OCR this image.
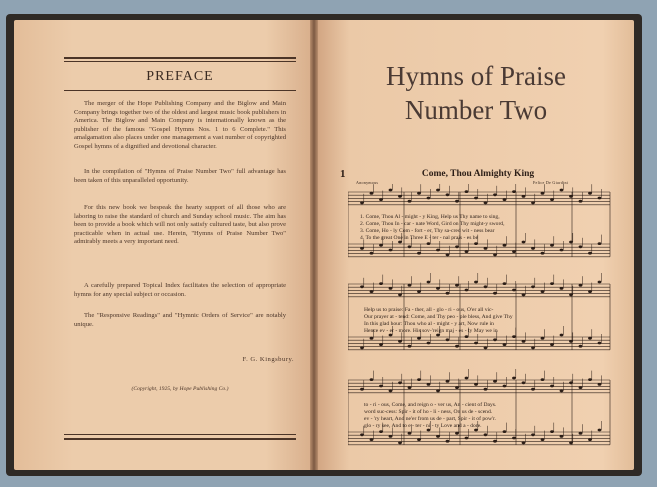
PREFACE

The merger of the Hope Publishing Company and the Biglow and Main Company brings together two of the oldest and largest music book publishers in America. The Biglow and Main Company is internationally known as the publisher of the famous "Gospel Hymns Nos. 1 to 6 Complete." This amalgamation also places under one management a vast number of copyrighted Gospel hymns of a dignified and devotional character.

In the compilation of "Hymns of Praise Number Two" full advantage has been taken of this unparalleled opportunity.

For this new book we bespeak the hearty support of all those who are laboring to raise the standard of church and Sunday school music. The aim has been to provide a book which will not only satisfy cultured taste, but also prove practicable when in actual use. Herein, "Hymns of Praise Number Two" admirably meets a very important need.

A carefully prepared Topical Index facilitates the selection of appropriate hymns for any special subject or occasion.

The "Responsive Readings" and "Hymnic Orders of Service" are notably unique.

F. G. Kingsbury.
(Copyright, 1925, by Hope Publishing Co.)
Hymns of Praise
Number Two
1	Come, Thou Almighty King
Anonymous	Felice De Giardini
1. Come, Thou Al - might - y King, Help us Thy name to sing,
2. Come, Thou In - car - nate Word, Gird on Thy might-y sword,
3. Come, Ho - ly Com - fort - er, Thy sa-cred wit - ness bear
4. To the great One in Three E - ter - nal prais - es be
Help us to praise: Fa - ther, all - glo - ri - ous, O'er all vic-
Our prayer at - tend: Come, and Thy peo - ple bless, And give Thy
In this glad hour: Thou who al - might - y art, Now rule in
Hence ev - er - more. His sov-'reign maj - es - ty May we in
to - ri - ous, Come, and reign o - ver us, An - cient of Days.
word suc-cess: Spir - it of ho - li - ness, On us de - scend.
ev - 'ry heart, And ne'er from us de - part, Spir - it of pow'r.
glo - ry see, And to e - ter - ni - ty Love and a - dore.
